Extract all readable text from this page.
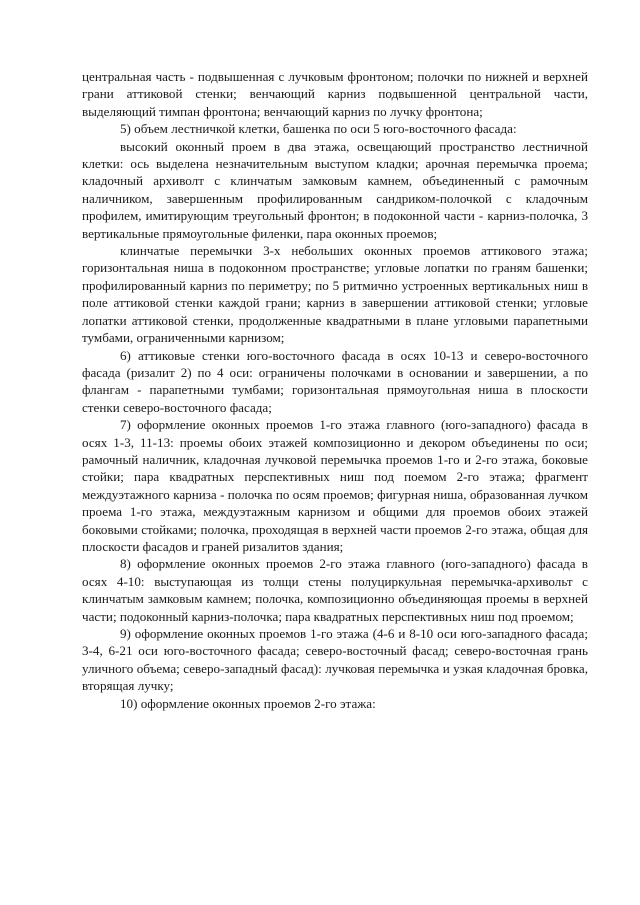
центральная часть - подвышенная с лучковым фронтоном; полочки по нижней и верхней грани аттиковой стенки; венчающий карниз подвышенной центральной части, выделяющий тимпан фронтона; венчающий карниз по лучку фронтона;

5) объем лестничкой клетки, башенка по оси 5 юго-восточного фасада:

высокий оконный проем в два этажа, освещающий пространство лестничной клетки: ось выделена незначительным выступом кладки; арочная перемычка проема; кладочный архиволт с клинчатым замковым камнем, объединенный с рамочным наличником, завершенным профилированным сандриком-полочкой с кладочным профилем, имитирующим треугольный фронтон; в подоконной части - карниз-полочка, 3 вертикальные прямоугольные филенки, пара оконных проемов;

клинчатые перемычки 3-х небольших оконных проемов аттикового этажа; горизонтальная ниша в подоконном пространстве; угловые лопатки по граням башенки; профилированный карниз по периметру; по 5 ритмично устроенных вертикальных ниш в поле аттиковой стенки каждой грани; карниз в завершении аттиковой стенки; угловые лопатки аттиковой стенки, продолженные квадратными в плане угловыми парапетными тумбами, ограниченными карнизом;

6) аттиковые стенки юго-восточного фасада в осях 10-13 и северо-восточного фасада (ризалит 2) по 4 оси: ограничены полочками в основании и завершении, а по флангам - парапетными тумбами; горизонтальная прямоугольная ниша в плоскости стенки северо-восточного фасада;

7) оформление оконных проемов 1-го этажа главного (юго-западного) фасада в осях 1-3, 11-13: проемы обоих этажей композиционно и декором объединены по оси; рамочный наличник, кладочная лучковой перемычка проемов 1-го и 2-го этажа, боковые стойки; пара квадратных перспективных ниш под поемом 2-го этажа; фрагмент междуэтажного карниза - полочка по осям проемов; фигурная ниша, образованная лучком проема 1-го этажа, междуэтажным карнизом и общими для проемов обоих этажей боковыми стойками; полочка, проходящая в верхней части проемов 2-го этажа, общая для плоскости фасадов и граней ризалитов здания;

8) оформление оконных проемов 2-го этажа главного (юго-западного) фасада в осях 4-10: выступающая из толщи стены полуциркульная перемычка-архивольт с клинчатым замковым камнем; полочка, композиционно объединяющая проемы в верхней части; подоконный карниз-полочка; пара квадратных перспективных ниш под проемом;

9) оформление оконных проемов 1-го этажа (4-6 и 8-10 оси юго-западного фасада; 3-4, 6-21 оси юго-восточного фасада; северо-восточный фасад; северо-восточная грань уличного объема; северо-западный фасад): лучковая перемычка и узкая кладочная бровка, вторящая лучку;

10) оформление оконных проемов 2-го этажа:
